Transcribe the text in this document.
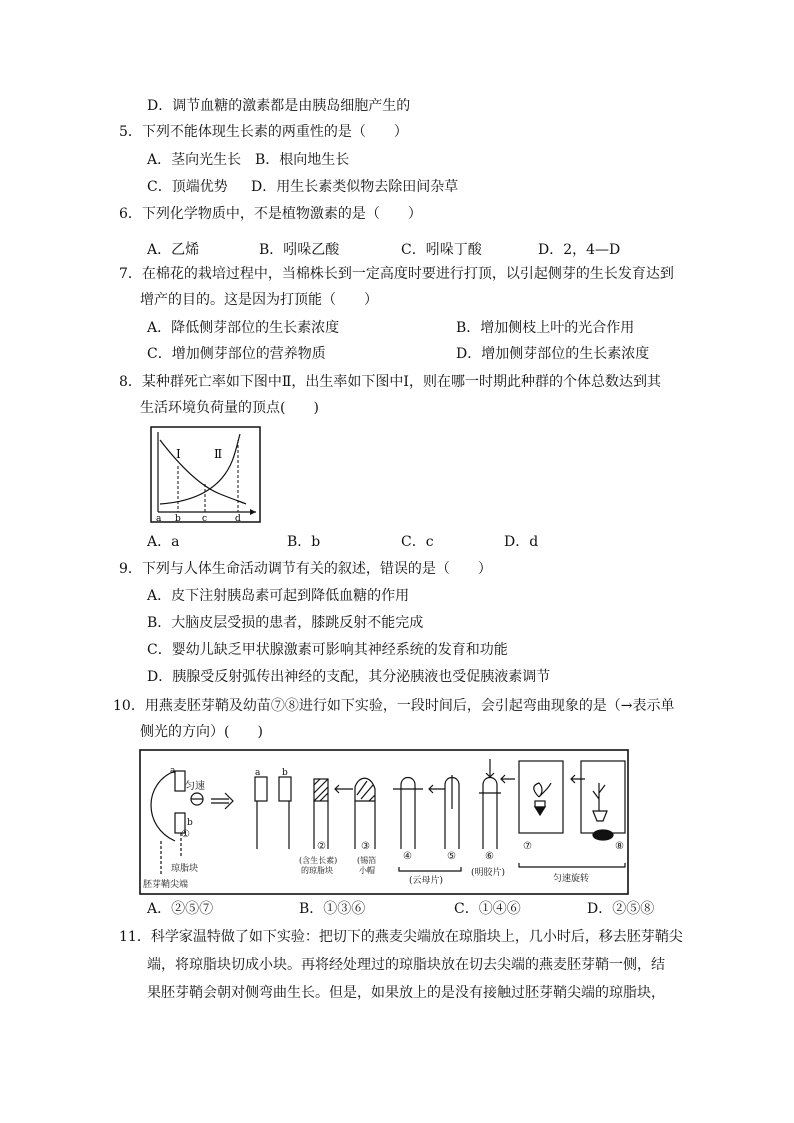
D．调节血糖的激素都是由胰岛细胞产生的
5．下列不能体现生长素的两重性的是（　　）
A．茎向光生长 B．根向地生长
C．顶端优势 D．用生长素类似物去除田间杂草
6．下列化学物质中，不是植物激素的是（　　）
A．乙烯	B．吲哚乙酸	C．吲哚丁酸	D．2，4—D
7．在棉花的栽培过程中，当棉株长到一定高度时要进行打顶，以引起侧芽的生长发育达到
增产的目的。这是因为打顶能（　　）
A．降低侧芽部位的生长素浓度	B．增加侧枝上叶的光合作用
C．增加侧芽部位的营养物质	D．增加侧芽部位的生长素浓度
8．某种群死亡率如下图中Ⅱ，出生率如下图中Ⅰ，则在哪一时期此种群的个体总数达到其
生活环境负荷量的顶点(　　)
Ⅰ	Ⅱ
a b c	d
A．a	B．b	C．c	D．d
9．下列与人体生命活动调节有关的叙述，错误的是（　　）
A．皮下注射胰岛素可起到降低血糖的作用
B．大脑皮层受损的患者，膝跳反射不能完成
C．婴幼儿缺乏甲状腺激素可影响其神经系统的发育和功能
D．胰腺受反射弧传出神经的支配，其分泌胰液也受促胰液素调节
10．用燕麦胚芽鞘及幼苗⑦⑧进行如下实验，一段时间后，会引起弯曲现象的是（→表示单
侧光的方向）(　　)
a
b
匀速
a b
①
②	③
④	⑤	⑥
⑦	⑧
琼脂块
胚芽鞘尖端
(含生长素)
的琼脂块
(锡箔
小帽
(云母片)
(明胶片)
匀速旋转
A．②⑤⑦	B．①③⑥	C．①④⑥	D．②⑤⑧
11．科学家温特做了如下实验：把切下的燕麦尖端放在琼脂块上，几小时后，移去胚芽鞘尖
端，将琼脂块切成小块。再将经处理过的琼脂块放在切去尖端的燕麦胚芽鞘一侧，结
果胚芽鞘会朝对侧弯曲生长。但是，如果放上的是没有接触过胚芽鞘尖端的琼脂块，
